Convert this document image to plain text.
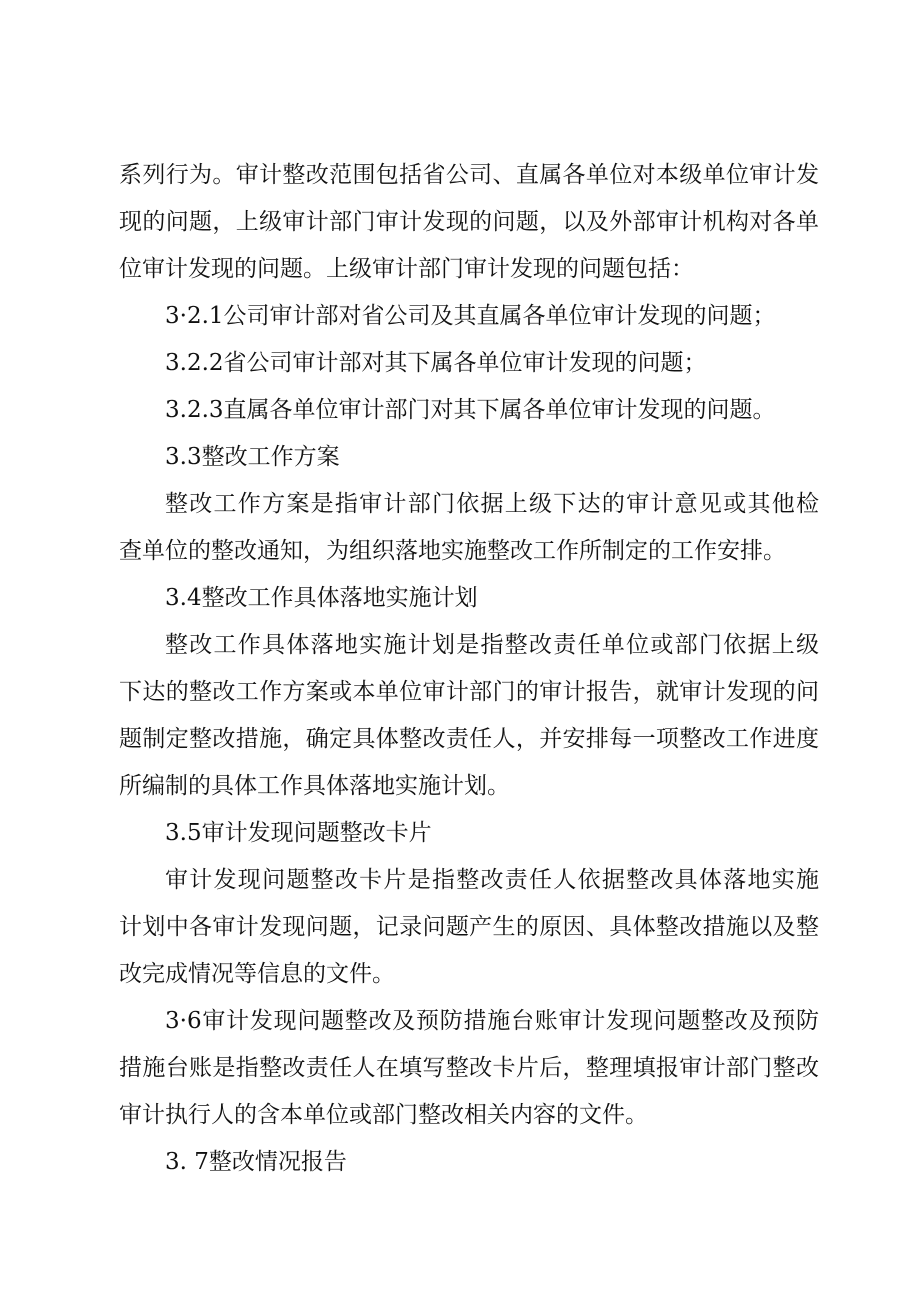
系列行为。审计整改范围包括省公司、直属各单位对本级单位审计发
现的问题，上级审计部门审计发现的问题，以及外部审计机构对各单
位审计发现的问题。上级审计部门审计发现的问题包括：
3·2.1公司审计部对省公司及其直属各单位审计发现的问题；
3.2.2省公司审计部对其下属各单位审计发现的问题；
3.2.3直属各单位审计部门对其下属各单位审计发现的问题。
3.3整改工作方案
整改工作方案是指审计部门依据上级下达的审计意见或其他检
查单位的整改通知，为组织落地实施整改工作所制定的工作安排。
3.4整改工作具体落地实施计划
整改工作具体落地实施计划是指整改责任单位或部门依据上级
下达的整改工作方案或本单位审计部门的审计报告，就审计发现的问
题制定整改措施，确定具体整改责任人，并安排每一项整改工作进度
所编制的具体工作具体落地实施计划。
3.5审计发现问题整改卡片
审计发现问题整改卡片是指整改责任人依据整改具体落地实施
计划中各审计发现问题，记录问题产生的原因、具体整改措施以及整
改完成情况等信息的文件。
3·6审计发现问题整改及预防措施台账审计发现问题整改及预防
措施台账是指整改责任人在填写整改卡片后，整理填报审计部门整改
审计执行人的含本单位或部门整改相关内容的文件。
3. 7整改情况报告
